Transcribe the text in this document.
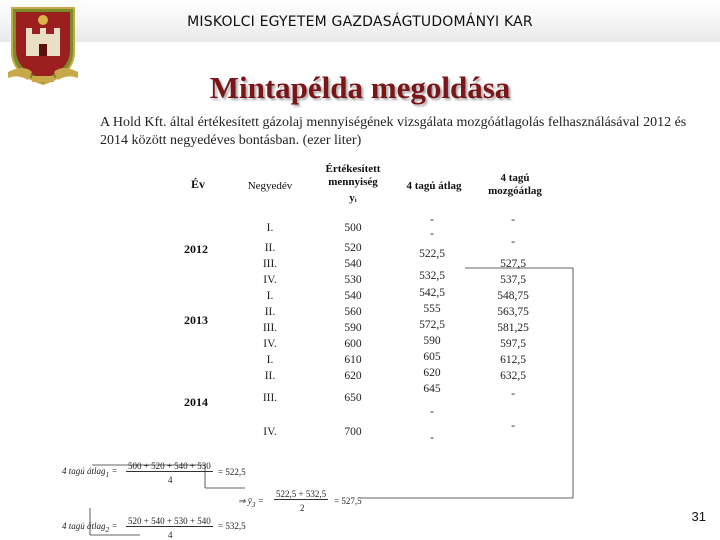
MISKOLCI EGYETEM GAZDASÁGTUDOMÁNYI KAR
Mintapélda megoldása
A Hold Kft. által értékesített gázolaj mennyiségének vizsgálata mozgóátlagolás felhasználásával 2012 és 2014 között negyedéves bontásban. (ezer liter)
Év	Negyedév
Értékesített
mennyiség
yᵢ
4 tagú átlag
4 tagú
mozgóátlag
2012
2013
2014
I.
II.
III.
IV.
I.
II.
III.
IV.
I.
II.
III.
IV.
500
520
540
530
540
560
590
600
610
620
650
700
-
-
522,5
532,5
542,5
555
572,5
590
605
620
645
-
-
-
-
527,5
537,5
548,75
563,75
581,25
597,5
612,5
632,5
-
-
4 tagú átlag$_1$ = 500 + 520 + 540 + 530
4
= 522,5
⇒ $ȳ_3$ =
522,5 + 532,5
2
= 527,5
4 tagú átlag$_2$ = 520 + 540 + 530 + 540
4
= 532,5
31
